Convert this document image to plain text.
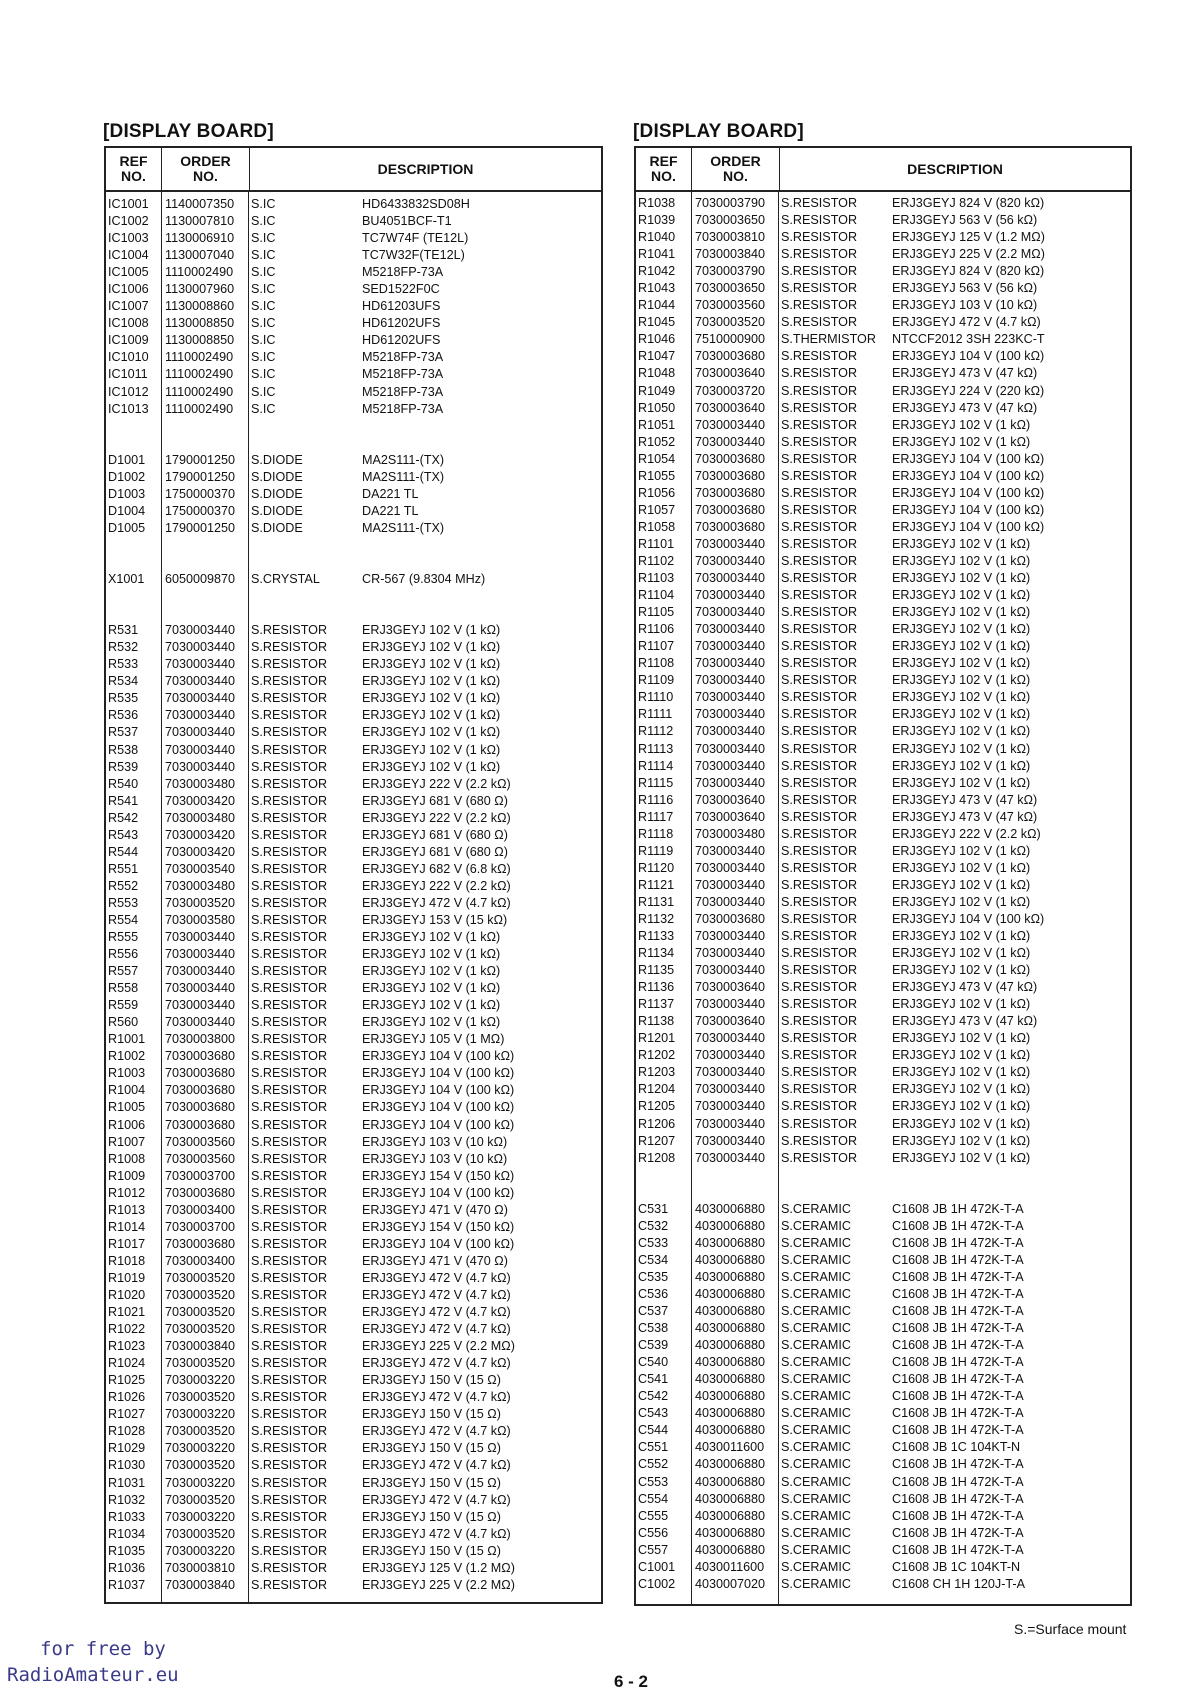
[DISPLAY BOARD]
REF
NO.
ORDER
NO.	DESCRIPTION
IC1001	1140007350	S.IC	HD6433832SD08H
IC1002	1130007810	S.IC	BU4051BCF-T1
IC1003	1130006910	S.IC	TC7W74F (TE12L)
IC1004	1130007040	S.IC	TC7W32F(TE12L)
IC1005	1110002490	S.IC	M5218FP-73A
IC1006	1130007960	S.IC	SED1522F0C
IC1007	1130008860	S.IC	HD61203UFS
IC1008	1130008850	S.IC	HD61202UFS
IC1009	1130008850	S.IC	HD61202UFS
IC1010	1110002490	S.IC	M5218FP-73A
IC1011	1110002490	S.IC	M5218FP-73A
IC1012	1110002490	S.IC	M5218FP-73A
IC1013	1110002490	S.IC	M5218FP-73A
D1001	1790001250	S.DIODE	MA2S111-(TX)
D1002	1790001250	S.DIODE	MA2S111-(TX)
D1003	1750000370	S.DIODE	DA221 TL
D1004	1750000370	S.DIODE	DA221 TL
D1005	1790001250	S.DIODE	MA2S111-(TX)
X1001	6050009870	S.CRYSTAL	CR-567 (9.8304 MHz)
R531	7030003440	S.RESISTOR	ERJ3GEYJ 102 V (1 kΩ)
R532	7030003440	S.RESISTOR	ERJ3GEYJ 102 V (1 kΩ)
R533	7030003440	S.RESISTOR	ERJ3GEYJ 102 V (1 kΩ)
R534	7030003440	S.RESISTOR	ERJ3GEYJ 102 V (1 kΩ)
R535	7030003440	S.RESISTOR	ERJ3GEYJ 102 V (1 kΩ)
R536	7030003440	S.RESISTOR	ERJ3GEYJ 102 V (1 kΩ)
R537	7030003440	S.RESISTOR	ERJ3GEYJ 102 V (1 kΩ)
R538	7030003440	S.RESISTOR	ERJ3GEYJ 102 V (1 kΩ)
R539	7030003440	S.RESISTOR	ERJ3GEYJ 102 V (1 kΩ)
R540	7030003480	S.RESISTOR	ERJ3GEYJ 222 V (2.2 kΩ)
R541	7030003420	S.RESISTOR	ERJ3GEYJ 681 V (680 Ω)
R542	7030003480	S.RESISTOR	ERJ3GEYJ 222 V (2.2 kΩ)
R543	7030003420	S.RESISTOR	ERJ3GEYJ 681 V (680 Ω)
R544	7030003420	S.RESISTOR	ERJ3GEYJ 681 V (680 Ω)
R551	7030003540	S.RESISTOR	ERJ3GEYJ 682 V (6.8 kΩ)
R552	7030003480	S.RESISTOR	ERJ3GEYJ 222 V (2.2 kΩ)
R553	7030003520	S.RESISTOR	ERJ3GEYJ 472 V (4.7 kΩ)
R554	7030003580	S.RESISTOR	ERJ3GEYJ 153 V (15 kΩ)
R555	7030003440	S.RESISTOR	ERJ3GEYJ 102 V (1 kΩ)
R556	7030003440	S.RESISTOR	ERJ3GEYJ 102 V (1 kΩ)
R557	7030003440	S.RESISTOR	ERJ3GEYJ 102 V (1 kΩ)
R558	7030003440	S.RESISTOR	ERJ3GEYJ 102 V (1 kΩ)
R559	7030003440	S.RESISTOR	ERJ3GEYJ 102 V (1 kΩ)
R560	7030003440	S.RESISTOR	ERJ3GEYJ 102 V (1 kΩ)
R1001	7030003800	S.RESISTOR	ERJ3GEYJ 105 V (1 MΩ)
R1002	7030003680	S.RESISTOR	ERJ3GEYJ 104 V (100 kΩ)
R1003	7030003680	S.RESISTOR	ERJ3GEYJ 104 V (100 kΩ)
R1004	7030003680	S.RESISTOR	ERJ3GEYJ 104 V (100 kΩ)
R1005	7030003680	S.RESISTOR	ERJ3GEYJ 104 V (100 kΩ)
R1006	7030003680	S.RESISTOR	ERJ3GEYJ 104 V (100 kΩ)
R1007	7030003560	S.RESISTOR	ERJ3GEYJ 103 V (10 kΩ)
R1008	7030003560	S.RESISTOR	ERJ3GEYJ 103 V (10 kΩ)
R1009	7030003700	S.RESISTOR	ERJ3GEYJ 154 V (150 kΩ)
R1012	7030003680	S.RESISTOR	ERJ3GEYJ 104 V (100 kΩ)
R1013	7030003400	S.RESISTOR	ERJ3GEYJ 471 V (470 Ω)
R1014	7030003700	S.RESISTOR	ERJ3GEYJ 154 V (150 kΩ)
R1017	7030003680	S.RESISTOR	ERJ3GEYJ 104 V (100 kΩ)
R1018	7030003400	S.RESISTOR	ERJ3GEYJ 471 V (470 Ω)
R1019	7030003520	S.RESISTOR	ERJ3GEYJ 472 V (4.7 kΩ)
R1020	7030003520	S.RESISTOR	ERJ3GEYJ 472 V (4.7 kΩ)
R1021	7030003520	S.RESISTOR	ERJ3GEYJ 472 V (4.7 kΩ)
R1022	7030003520	S.RESISTOR	ERJ3GEYJ 472 V (4.7 kΩ)
R1023	7030003840	S.RESISTOR	ERJ3GEYJ 225 V (2.2 MΩ)
R1024	7030003520	S.RESISTOR	ERJ3GEYJ 472 V (4.7 kΩ)
R1025	7030003220	S.RESISTOR	ERJ3GEYJ 150 V (15 Ω)
R1026	7030003520	S.RESISTOR	ERJ3GEYJ 472 V (4.7 kΩ)
R1027	7030003220	S.RESISTOR	ERJ3GEYJ 150 V (15 Ω)
R1028	7030003520	S.RESISTOR	ERJ3GEYJ 472 V (4.7 kΩ)
R1029	7030003220	S.RESISTOR	ERJ3GEYJ 150 V (15 Ω)
R1030	7030003520	S.RESISTOR	ERJ3GEYJ 472 V (4.7 kΩ)
R1031	7030003220	S.RESISTOR	ERJ3GEYJ 150 V (15 Ω)
R1032	7030003520	S.RESISTOR	ERJ3GEYJ 472 V (4.7 kΩ)
R1033	7030003220	S.RESISTOR	ERJ3GEYJ 150 V (15 Ω)
R1034	7030003520	S.RESISTOR	ERJ3GEYJ 472 V (4.7 kΩ)
R1035	7030003220	S.RESISTOR	ERJ3GEYJ 150 V (15 Ω)
R1036	7030003810	S.RESISTOR	ERJ3GEYJ 125 V (1.2 MΩ)
R1037	7030003840	S.RESISTOR	ERJ3GEYJ 225 V (2.2 MΩ)
[DISPLAY BOARD]
REF
NO.
ORDER
NO.	DESCRIPTION
R1038	7030003790	S.RESISTOR	ERJ3GEYJ 824 V (820 kΩ)
R1039	7030003650	S.RESISTOR	ERJ3GEYJ 563 V (56 kΩ)
R1040	7030003810	S.RESISTOR	ERJ3GEYJ 125 V (1.2 MΩ)
R1041	7030003840	S.RESISTOR	ERJ3GEYJ 225 V (2.2 MΩ)
R1042	7030003790	S.RESISTOR	ERJ3GEYJ 824 V (820 kΩ)
R1043	7030003650	S.RESISTOR	ERJ3GEYJ 563 V (56 kΩ)
R1044	7030003560	S.RESISTOR	ERJ3GEYJ 103 V (10 kΩ)
R1045	7030003520	S.RESISTOR	ERJ3GEYJ 472 V (4.7 kΩ)
R1046	7510000900	S.THERMISTOR	NTCCF2012 3SH 223KC-T
R1047	7030003680	S.RESISTOR	ERJ3GEYJ 104 V (100 kΩ)
R1048	7030003640	S.RESISTOR	ERJ3GEYJ 473 V (47 kΩ)
R1049	7030003720	S.RESISTOR	ERJ3GEYJ 224 V (220 kΩ)
R1050	7030003640	S.RESISTOR	ERJ3GEYJ 473 V (47 kΩ)
R1051	7030003440	S.RESISTOR	ERJ3GEYJ 102 V (1 kΩ)
R1052	7030003440	S.RESISTOR	ERJ3GEYJ 102 V (1 kΩ)
R1054	7030003680	S.RESISTOR	ERJ3GEYJ 104 V (100 kΩ)
R1055	7030003680	S.RESISTOR	ERJ3GEYJ 104 V (100 kΩ)
R1056	7030003680	S.RESISTOR	ERJ3GEYJ 104 V (100 kΩ)
R1057	7030003680	S.RESISTOR	ERJ3GEYJ 104 V (100 kΩ)
R1058	7030003680	S.RESISTOR	ERJ3GEYJ 104 V (100 kΩ)
R1101	7030003440	S.RESISTOR	ERJ3GEYJ 102 V (1 kΩ)
R1102	7030003440	S.RESISTOR	ERJ3GEYJ 102 V (1 kΩ)
R1103	7030003440	S.RESISTOR	ERJ3GEYJ 102 V (1 kΩ)
R1104	7030003440	S.RESISTOR	ERJ3GEYJ 102 V (1 kΩ)
R1105	7030003440	S.RESISTOR	ERJ3GEYJ 102 V (1 kΩ)
R1106	7030003440	S.RESISTOR	ERJ3GEYJ 102 V (1 kΩ)
R1107	7030003440	S.RESISTOR	ERJ3GEYJ 102 V (1 kΩ)
R1108	7030003440	S.RESISTOR	ERJ3GEYJ 102 V (1 kΩ)
R1109	7030003440	S.RESISTOR	ERJ3GEYJ 102 V (1 kΩ)
R1110	7030003440	S.RESISTOR	ERJ3GEYJ 102 V (1 kΩ)
R1111	7030003440	S.RESISTOR	ERJ3GEYJ 102 V (1 kΩ)
R1112	7030003440	S.RESISTOR	ERJ3GEYJ 102 V (1 kΩ)
R1113	7030003440	S.RESISTOR	ERJ3GEYJ 102 V (1 kΩ)
R1114	7030003440	S.RESISTOR	ERJ3GEYJ 102 V (1 kΩ)
R1115	7030003440	S.RESISTOR	ERJ3GEYJ 102 V (1 kΩ)
R1116	7030003640	S.RESISTOR	ERJ3GEYJ 473 V (47 kΩ)
R1117	7030003640	S.RESISTOR	ERJ3GEYJ 473 V (47 kΩ)
R1118	7030003480	S.RESISTOR	ERJ3GEYJ 222 V (2.2 kΩ)
R1119	7030003440	S.RESISTOR	ERJ3GEYJ 102 V (1 kΩ)
R1120	7030003440	S.RESISTOR	ERJ3GEYJ 102 V (1 kΩ)
R1121	7030003440	S.RESISTOR	ERJ3GEYJ 102 V (1 kΩ)
R1131	7030003440	S.RESISTOR	ERJ3GEYJ 102 V (1 kΩ)
R1132	7030003680	S.RESISTOR	ERJ3GEYJ 104 V (100 kΩ)
R1133	7030003440	S.RESISTOR	ERJ3GEYJ 102 V (1 kΩ)
R1134	7030003440	S.RESISTOR	ERJ3GEYJ 102 V (1 kΩ)
R1135	7030003440	S.RESISTOR	ERJ3GEYJ 102 V (1 kΩ)
R1136	7030003640	S.RESISTOR	ERJ3GEYJ 473 V (47 kΩ)
R1137	7030003440	S.RESISTOR	ERJ3GEYJ 102 V (1 kΩ)
R1138	7030003640	S.RESISTOR	ERJ3GEYJ 473 V (47 kΩ)
R1201	7030003440	S.RESISTOR	ERJ3GEYJ 102 V (1 kΩ)
R1202	7030003440	S.RESISTOR	ERJ3GEYJ 102 V (1 kΩ)
R1203	7030003440	S.RESISTOR	ERJ3GEYJ 102 V (1 kΩ)
R1204	7030003440	S.RESISTOR	ERJ3GEYJ 102 V (1 kΩ)
R1205	7030003440	S.RESISTOR	ERJ3GEYJ 102 V (1 kΩ)
R1206	7030003440	S.RESISTOR	ERJ3GEYJ 102 V (1 kΩ)
R1207	7030003440	S.RESISTOR	ERJ3GEYJ 102 V (1 kΩ)
R1208	7030003440	S.RESISTOR	ERJ3GEYJ 102 V (1 kΩ)
C531	4030006880	S.CERAMIC	C1608 JB 1H 472K-T-A
C532	4030006880	S.CERAMIC	C1608 JB 1H 472K-T-A
C533	4030006880	S.CERAMIC	C1608 JB 1H 472K-T-A
C534	4030006880	S.CERAMIC	C1608 JB 1H 472K-T-A
C535	4030006880	S.CERAMIC	C1608 JB 1H 472K-T-A
C536	4030006880	S.CERAMIC	C1608 JB 1H 472K-T-A
C537	4030006880	S.CERAMIC	C1608 JB 1H 472K-T-A
C538	4030006880	S.CERAMIC	C1608 JB 1H 472K-T-A
C539	4030006880	S.CERAMIC	C1608 JB 1H 472K-T-A
C540	4030006880	S.CERAMIC	C1608 JB 1H 472K-T-A
C541	4030006880	S.CERAMIC	C1608 JB 1H 472K-T-A
C542	4030006880	S.CERAMIC	C1608 JB 1H 472K-T-A
C543	4030006880	S.CERAMIC	C1608 JB 1H 472K-T-A
C544	4030006880	S.CERAMIC	C1608 JB 1H 472K-T-A
C551	4030011600	S.CERAMIC	C1608 JB 1C 104KT-N
C552	4030006880	S.CERAMIC	C1608 JB 1H 472K-T-A
C553	4030006880	S.CERAMIC	C1608 JB 1H 472K-T-A
C554	4030006880	S.CERAMIC	C1608 JB 1H 472K-T-A
C555	4030006880	S.CERAMIC	C1608 JB 1H 472K-T-A
C556	4030006880	S.CERAMIC	C1608 JB 1H 472K-T-A
C557	4030006880	S.CERAMIC	C1608 JB 1H 472K-T-A
C1001	4030011600	S.CERAMIC	C1608 JB 1C 104KT-N
C1002	4030007020	S.CERAMIC	C1608 CH 1H 120J-T-A
S.=Surface mount
for free by
RadioAmateur.eu	6 - 2
